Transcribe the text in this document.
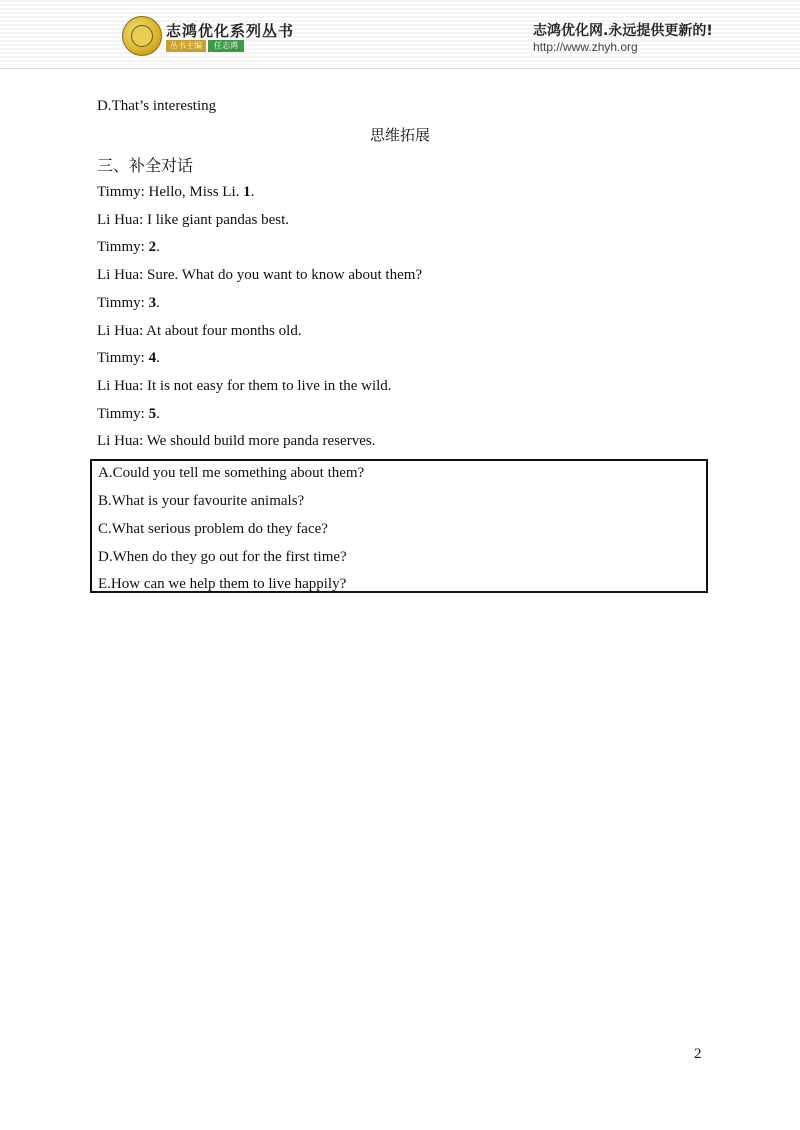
志鸿优化系列丛书
丛书主编	任志鸿
志鸿优化网.永远提供更新的!
http://www.zhyh.org
D.That’s interesting
思维拓展
三、补全对话
Timmy: Hello, Miss Li. 1.
Li Hua: I like giant pandas best.
Timmy: 2.
Li Hua: Sure. What do you want to know about them?
Timmy: 3.
Li Hua: At about four months old.
Timmy: 4.
Li Hua: It is not easy for them to live in the wild.
Timmy: 5.
Li Hua: We should build more panda reserves.
A.Could you tell me something about them?
B.What is your favourite animals?
C.What serious problem do they face?
D.When do they go out for the first time?
E.How can we help them to live happily?
2
